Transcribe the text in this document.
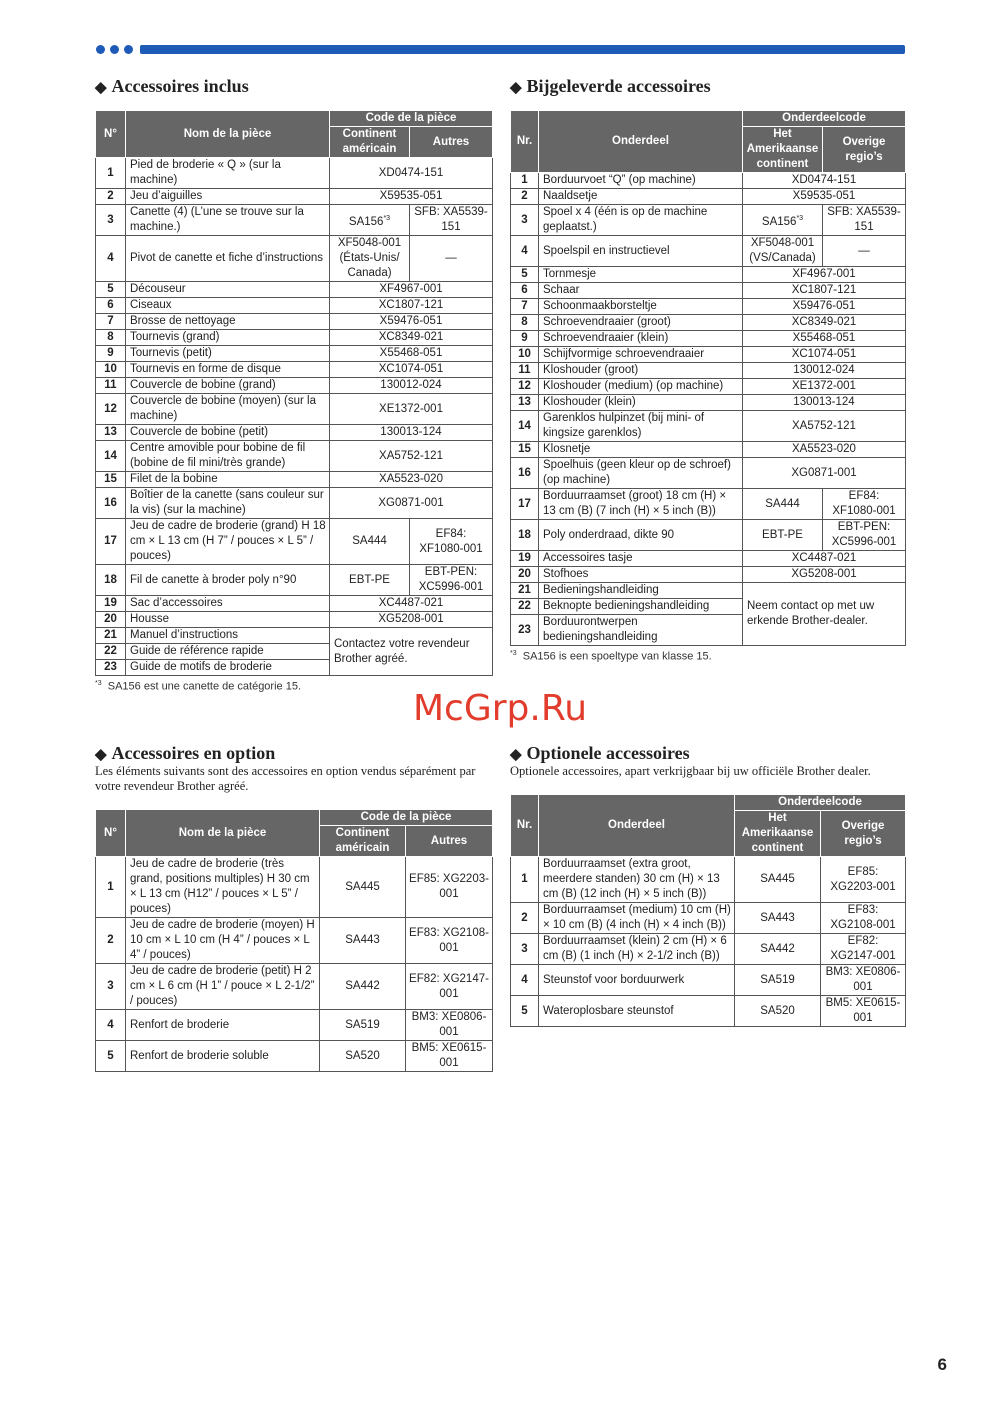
◆ Accessoires inclus
N°	Nom de la pièce	Code de la pièce	
		Continent américain	Autres
1	Pied de broderie « Q » (sur la machine)	XD0474-151	
2	Jeu d’aiguilles	X59535-051	
3	Canette (4) (L’une se trouve sur la machine.)	SA156$^{*3}$	SFB: XA5539-151
4	Pivot de canette et fiche d’instructions	XF5048-001 (États-Unis/ Canada)	—
5	Découseur	XF4967-001	
6	Ciseaux	XC1807-121	
7	Brosse de nettoyage	X59476-051	
8	Tournevis (grand)	XC8349-021	
9	Tournevis (petit)	X55468-051	
10	Tournevis en forme de disque	XC1074-051	
11	Couvercle de bobine (grand)	130012-024	
12	Couvercle de bobine (moyen) (sur la machine)	XE1372-001	
13	Couvercle de bobine (petit)	130013-124	
14	Centre amovible pour bobine de fil (bobine de fil mini/très grande)	XA5752-121	
15	Filet de la bobine	XA5523-020	
16	Boîtier de la canette (sans couleur sur la vis) (sur la machine)	XG0871-001	
17	Jeu de cadre de broderie (grand) H 18 cm × L 13 cm (H 7” / pouces × L 5” / pouces)	SA444	EF84: XF1080-001
18	Fil de canette à broder poly n°90	EBT-PE	EBT-PEN: XC5996-001
19	Sac d’accessoires	XC4487-021	
20	Housse	XG5208-001	
21	Manuel d’instructions	Contactez votre revendeur Brother agréé.	
22	Guide de référence rapide		
23	Guide de motifs de broderie		
$^{*3}$ SA156 est une canette de catégorie 15.
◆ Bijgeleverde accessoires
Nr.	Onderdeel	Onderdeelcode	
		Het Amerikaanse continent	Overige regio’s
1	Borduurvoet “Q” (op machine)	XD0474-151	
2	Naaldsetje	X59535-051	
3	Spoel x 4 (één is op de machine geplaatst.)	SA156$^{*3}$	SFB: XA5539-151
4	Spoelspil en instructievel	XF5048-001 (VS/Canada)	—
5	Tornmesje	XF4967-001	
6	Schaar	XC1807-121	
7	Schoonmaakborsteltje	X59476-051	
8	Schroevendraaier (groot)	XC8349-021	
9	Schroevendraaier (klein)	X55468-051	
10	Schijfvormige schroevendraaier	XC1074-051	
11	Kloshouder (groot)	130012-024	
12	Kloshouder (medium) (op machine)	XE1372-001	
13	Kloshouder (klein)	130013-124	
14	Garenklos hulpinzet (bij mini- of kingsize garenklos)	XA5752-121	
15	Klosnetje	XA5523-020	
16	Spoelhuis (geen kleur op de schroef) (op machine)	XG0871-001	
17	Borduurraamset (groot) 18 cm (H) × 13 cm (B) (7 inch (H) × 5 inch (B))	SA444	EF84: XF1080-001
18	Poly onderdraad, dikte 90	EBT-PE	EBT-PEN: XC5996-001
19	Accessoires tasje	XC4487-021	
20	Stofhoes	XG5208-001	
21	Bedieningshandleiding	Neem contact op met uw erkende Brother-dealer.	
22	Beknopte bedieningshandleiding		
23	Borduurontwerpen bedieningshandleiding		
$^{*3}$ SA156 is een spoeltype van klasse 15.
McGrp.Ru
◆ Accessoires en option

Les éléments suivants sont des accessoires en option vendus séparément par votre revendeur Brother agréé.

N°	Nom de la pièce	Code de la pièce	
		Continent américain	Autres
1	Jeu de cadre de broderie (très grand, positions multiples) H 30 cm × L 13 cm (H12” / pouces × L 5” / pouces)	SA445	EF85: XG2203-001
2	Jeu de cadre de broderie (moyen) H 10 cm × L 10 cm (H 4” / pouces × L 4” / pouces)	SA443	EF83: XG2108-001
3	Jeu de cadre de broderie (petit) H 2 cm × L 6 cm (H 1” / pouce × L 2-1/2” / pouces)	SA442	EF82: XG2147-001
4	Renfort de broderie	SA519	BM3: XE0806-001
5	Renfort de broderie soluble	SA520	BM5: XE0615-001
◆ Optionele accessoires

Optionele accessoires, apart verkrijgbaar bij uw officiële Brother dealer.

Nr.	Onderdeel	Onderdeelcode	
		Het Amerikaanse continent	Overige regio’s
1	Borduurraamset (extra groot, meerdere standen) 30 cm (H) × 13 cm (B) (12 inch (H) × 5 inch (B))	SA445	EF85: XG2203-001
2	Borduurraamset (medium) 10 cm (H) × 10 cm (B) (4 inch (H) × 4 inch (B))	SA443	EF83: XG2108-001
3	Borduurraamset (klein) 2 cm (H) × 6 cm (B) (1 inch (H) × 2-1/2 inch (B))	SA442	EF82: XG2147-001
4	Steunstof voor borduurwerk	SA519	BM3: XE0806-001
5	Wateroplosbare steunstof	SA520	BM5: XE0615-001
6
